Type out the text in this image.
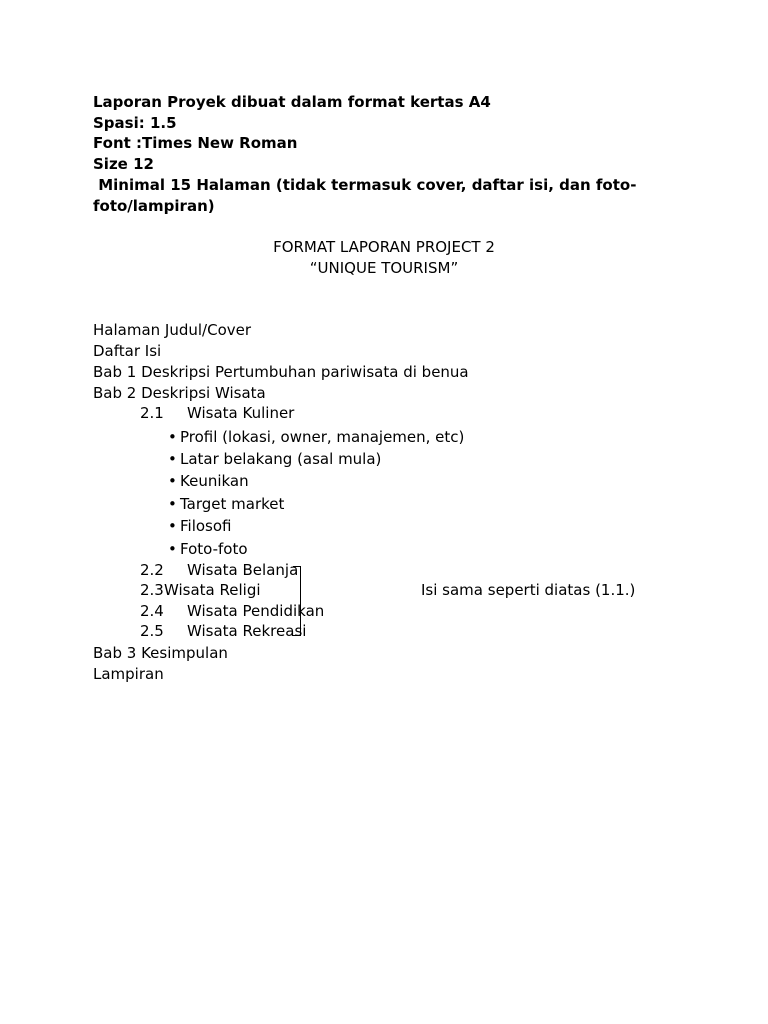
Laporan Proyek dibuat dalam format kertas A4
Spasi: 1.5
Font :Times New Roman
Size 12
Minimal 15 Halaman (tidak termasuk cover, daftar isi, dan foto-
foto/lampiran)
FORMAT LAPORAN PROJECT 2
“UNIQUE TOURISM”
Halaman Judul/Cover
Daftar Isi
Bab 1 Deskripsi Pertumbuhan pariwisata di benua
Bab 2 Deskripsi Wisata
2.1 Wisata Kuliner
• Profil (lokasi, owner, manajemen, etc)
• Latar belakang (asal mula)
• Keunikan
• Target market
• Filosofi
• Foto-foto
2.2 Wisata Belanja
2.3 Wisata Religi	Isi sama seperti diatas (1.1.)
2.4 Wisata Pendidikan
2.5 Wisata Rekreasi
Bab 3 Kesimpulan
Lampiran
